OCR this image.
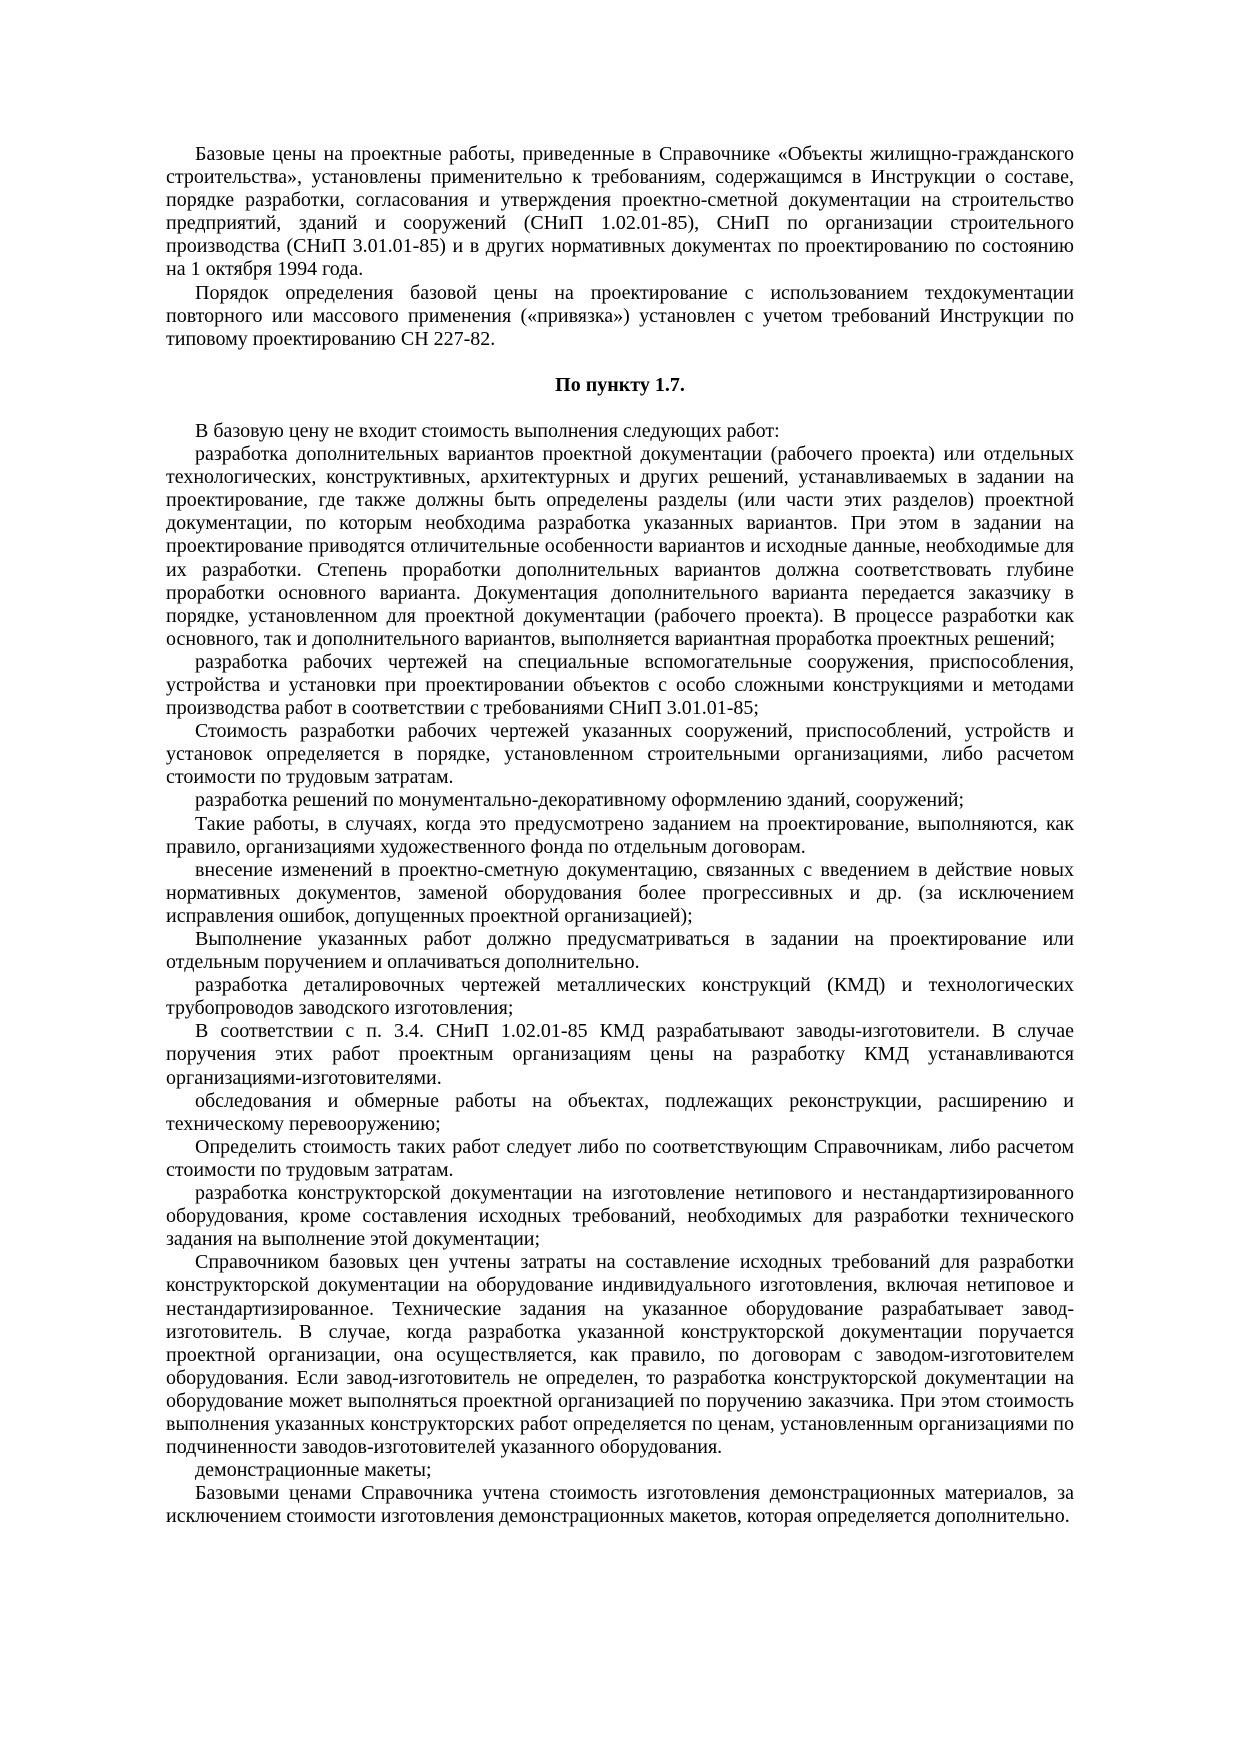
Базовые цены на проектные работы, приведенные в Справочнике «Объекты жилищно-гражданского строительства», установлены применительно к требованиям, содержащимся в Инструкции о составе, порядке разработки, согласования и утверждения проектно-сметной документации на строительство предприятий, зданий и сооружений (СНиП 1.02.01-85), СНиП по организации строительного производства (СНиП 3.01.01-85) и в других нормативных документах по проектированию по состоянию на 1 октября 1994 года.

Порядок определения базовой цены на проектирование с использованием техдокументации повторного или массового применения («привязка») установлен с учетом требований Инструкции по типовому проектированию СН 227-82.

По пункту 1.7.

В базовую цену не входит стоимость выполнения следующих работ:

разработка дополнительных вариантов проектной документации (рабочего проекта) или отдельных технологических, конструктивных, архитектурных и других решений, устанавливаемых в задании на проектирование, где также должны быть определены разделы (или части этих разделов) проектной документации, по которым необходима разработка указанных вариантов. При этом в задании на проектирование приводятся отличительные особенности вариантов и исходные данные, необходимые для их разработки. Степень проработки дополнительных вариантов должна соответствовать глубине проработки основного варианта. Документация дополнительного варианта передается заказчику в порядке, установленном для проектной документации (рабочего проекта). В процессе разработки как основного, так и дополнительного вариантов, выполняется вариантная проработка проектных решений;

разработка рабочих чертежей на специальные вспомогательные сооружения, приспособления, устройства и установки при проектировании объектов с особо сложными конструкциями и методами производства работ в соответствии с требованиями СНиП 3.01.01-85;

Стоимость разработки рабочих чертежей указанных сооружений, приспособлений, устройств и установок определяется в порядке, установленном строительными организациями, либо расчетом стоимости по трудовым затратам.

разработка решений по монументально-декоративному оформлению зданий, сооружений;

Такие работы, в случаях, когда это предусмотрено заданием на проектирование, выполняются, как правило, организациями художественного фонда по отдельным договорам.

внесение изменений в проектно-сметную документацию, связанных с введением в действие новых нормативных документов, заменой оборудования более прогрессивных и др. (за исключением исправления ошибок, допущенных проектной организацией);

Выполнение указанных работ должно предусматриваться в задании на проектирование или отдельным поручением и оплачиваться дополнительно.

разработка деталировочных чертежей металлических конструкций (КМД) и технологических трубопроводов заводского изготовления;

В соответствии с п. 3.4. СНиП 1.02.01-85 КМД разрабатывают заводы-изготовители. В случае поручения этих работ проектным организациям цены на разработку КМД устанавливаются организациями-изготовителями.

обследования и обмерные работы на объектах, подлежащих реконструкции, расширению и техническому перевооружению;

Определить стоимость таких работ следует либо по соответствующим Справочникам, либо расчетом стоимости по трудовым затратам.

разработка конструкторской документации на изготовление нетипового и нестандартизированного оборудования, кроме составления исходных требований, необходимых для разработки технического задания на выполнение этой документации;

Справочником базовых цен учтены затраты на составление исходных требований для разработки конструкторской документации на оборудование индивидуального изготовления, включая нетиповое и нестандартизированное. Технические задания на указанное оборудование разрабатывает завод-изготовитель. В случае, когда разработка указанной конструкторской документации поручается проектной организации, она осуществляется, как правило, по договорам с заводом-изготовителем оборудования. Если завод-изготовитель не определен, то разработка конструкторской документации на оборудование может выполняться проектной организацией по поручению заказчика. При этом стоимость выполнения указанных конструкторских работ определяется по ценам, установленным организациями по подчиненности заводов-изготовителей указанного оборудования.

демонстрационные макеты;

Базовыми ценами Справочника учтена стоимость изготовления демонстрационных материалов, за исключением стоимости изготовления демонстрационных макетов, которая определяется дополнительно.
